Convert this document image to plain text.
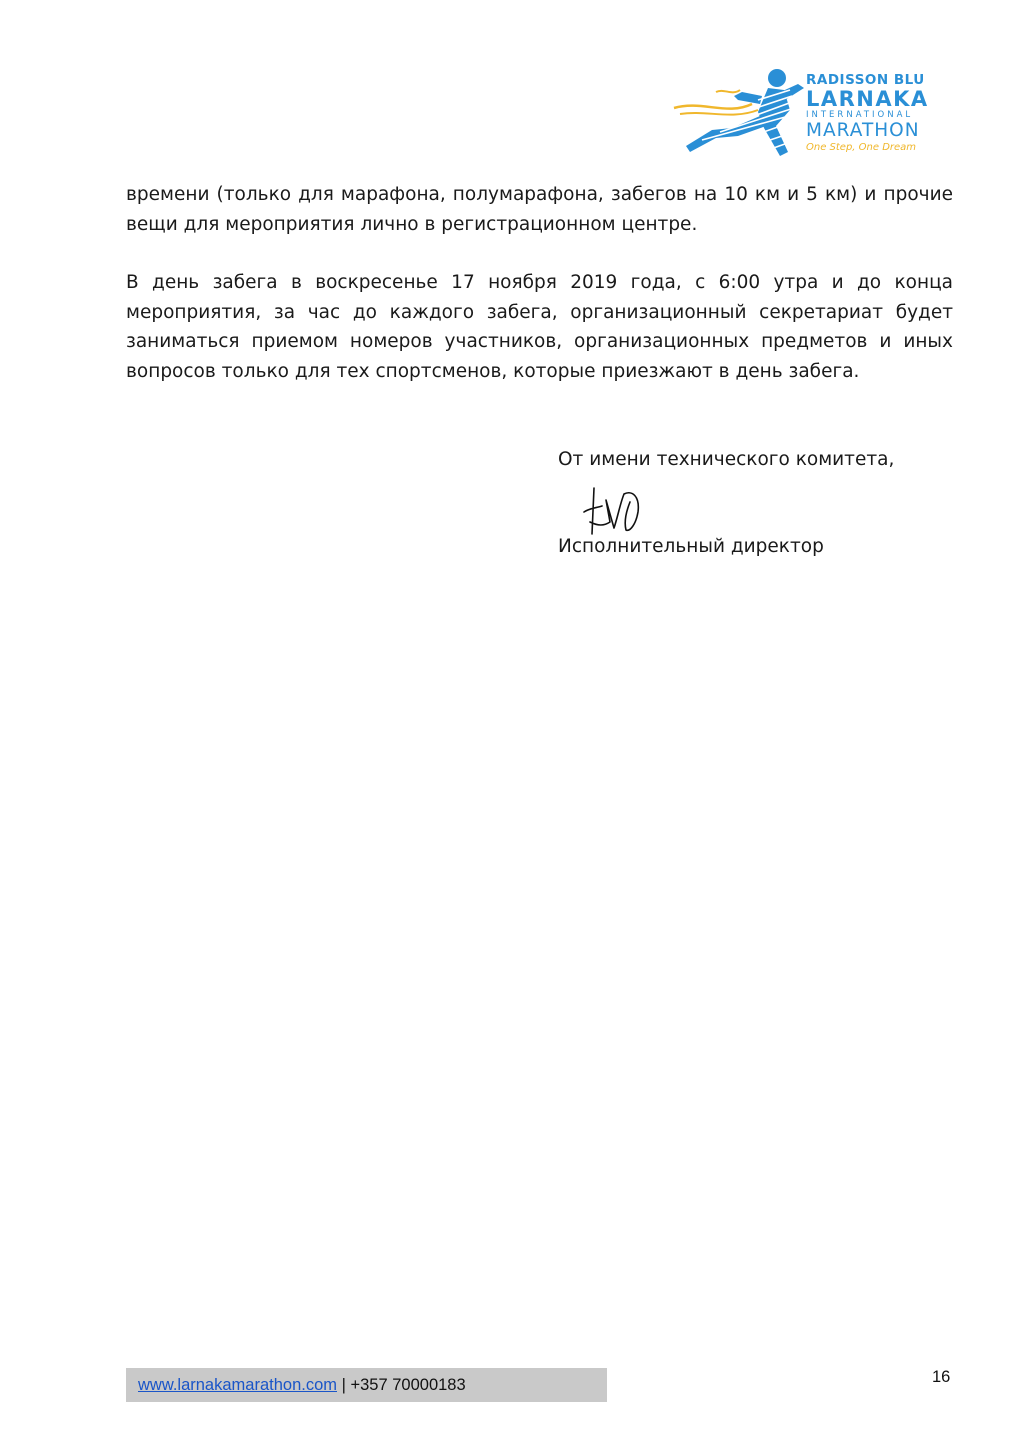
RADISSON BLU
LARNAKA
INTERNATIONAL
MARATHON
One Step, One Dream
времени (только для марафона, полумарафона, забегов на 10 км и 5 км) и прочие вещи для мероприятия лично в регистрационном центре.
В день забега в воскресенье 17 ноября 2019 года, с 6:00 утра и до конца мероприятия, за час до каждого забега, организационный секретариат будет заниматься приемом номеров участников, организационных предметов и иных вопросов только для тех спортсменов, которые приезжают в день забега.
От имени технического комитета,
Исполнительный директор
www.larnakamarathon.com | +357 70000183	16
